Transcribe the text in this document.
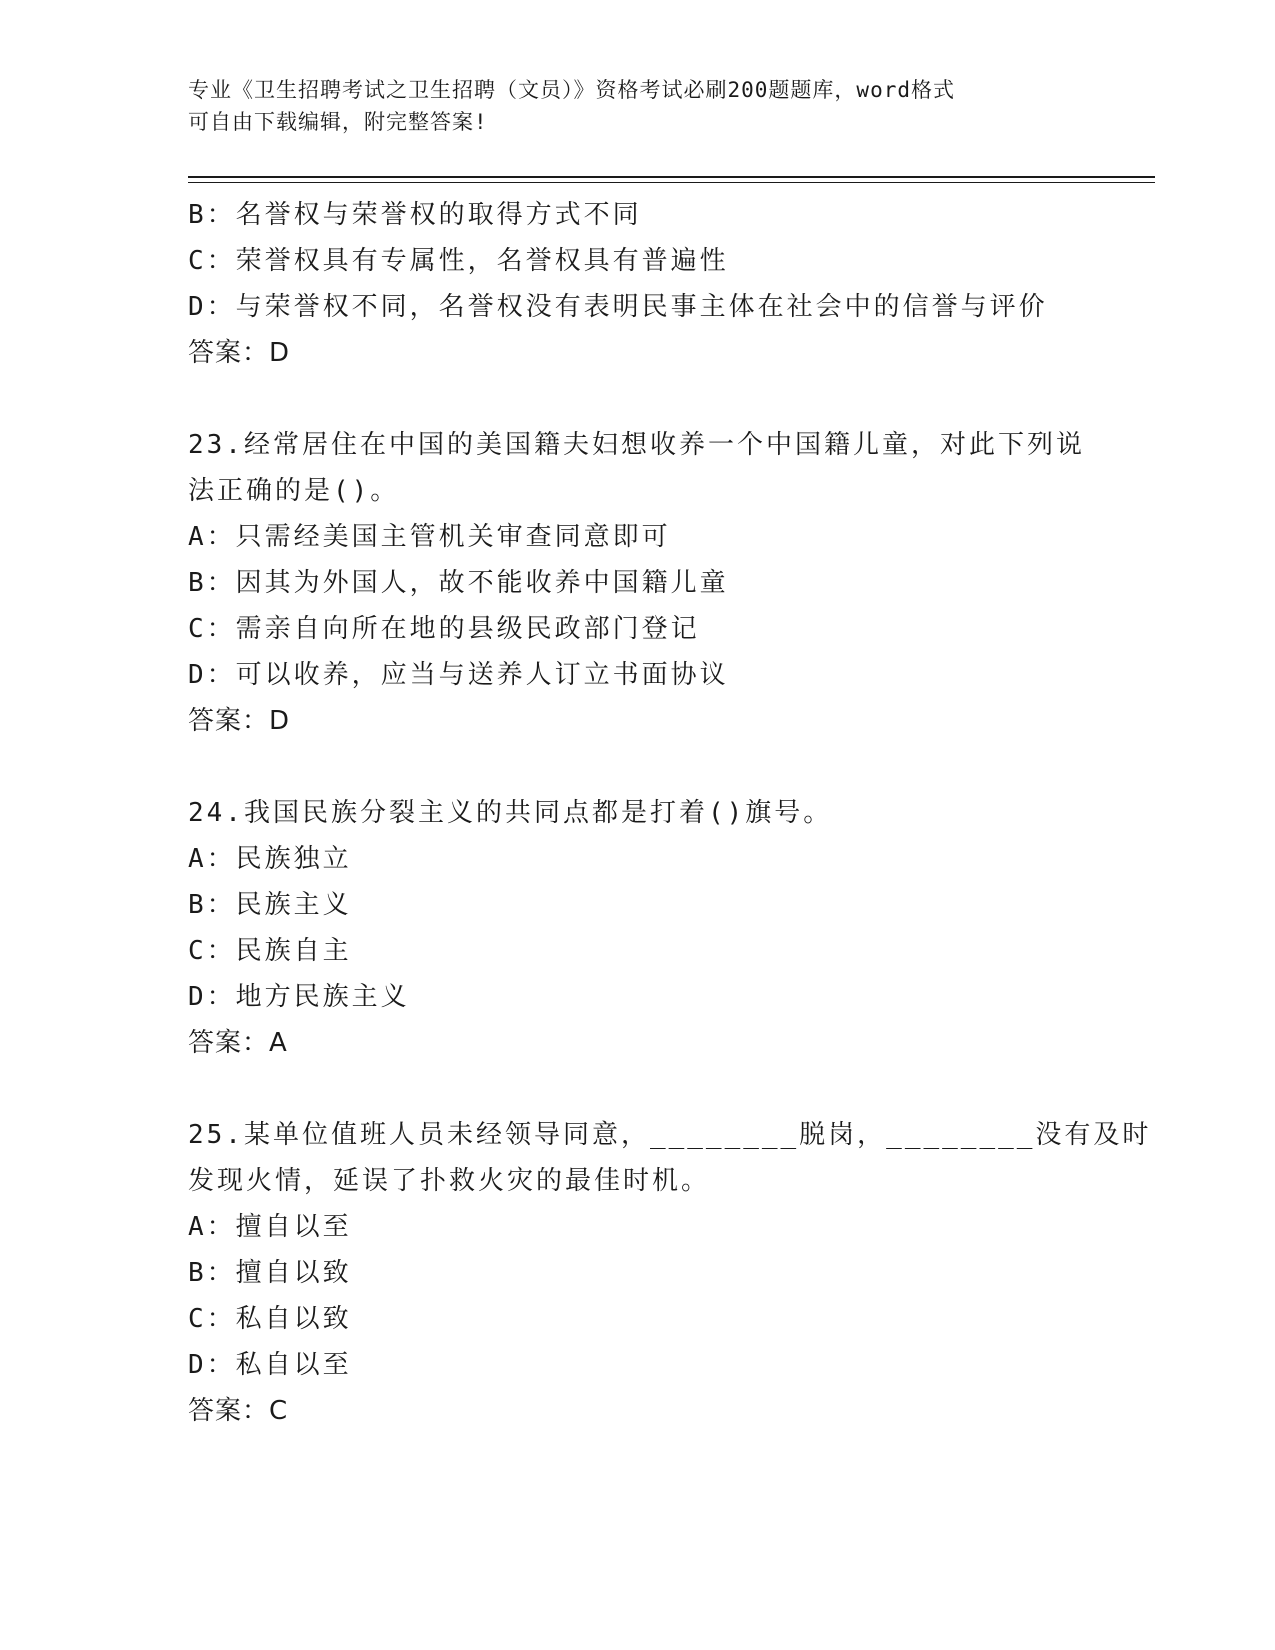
专业《卫生招聘考试之卫生招聘（文员）》资格考试必刷200题题库，word格式
可自由下载编辑，附完整答案!
B：名誉权与荣誉权的取得方式不同
C：荣誉权具有专属性，名誉权具有普遍性
D：与荣誉权不同，名誉权没有表明民事主体在社会中的信誉与评价
答案：D
23.经常居住在中国的美国籍夫妇想收养一个中国籍儿童，对此下列说
法正确的是()。
A：只需经美国主管机关审查同意即可
B：因其为外国人，故不能收养中国籍儿童
C：需亲自向所在地的县级民政部门登记
D：可以收养，应当与送养人订立书面协议
答案：D
24.我国民族分裂主义的共同点都是打着()旗号。
A：民族独立
B：民族主义
C：民族自主
D：地方民族主义
答案：A
25.某单位值班人员未经领导同意，________脱岗，________没有及时
发现火情，延误了扑救火灾的最佳时机。
A：擅自以至
B：擅自以致
C：私自以致
D：私自以至
答案：C
